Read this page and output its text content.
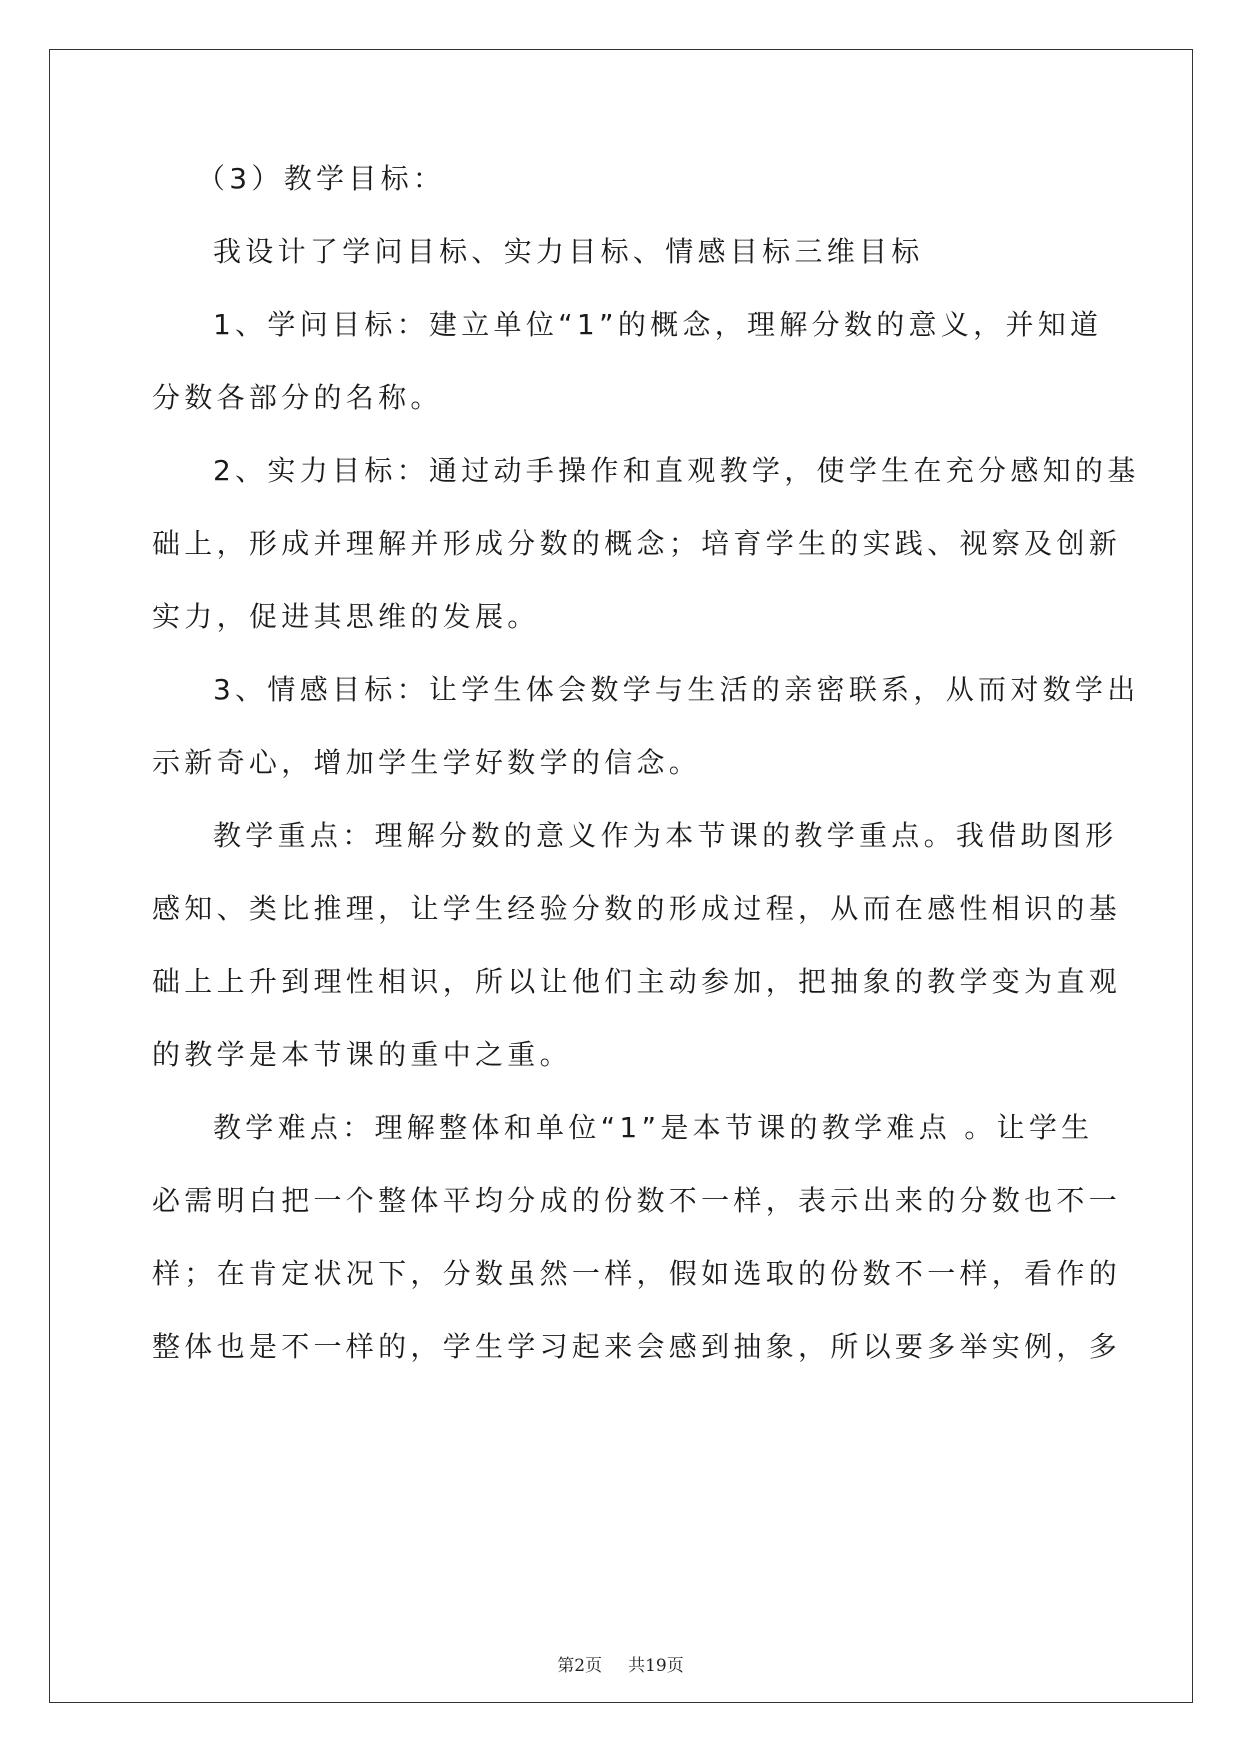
（3）教学目标：
我设计了学问目标、实力目标、情感目标三维目标
1、学问目标：建立单位“1”的概念，理解分数的意义，并知道
分数各部分的名称。
2、实力目标：通过动手操作和直观教学，使学生在充分感知的基
础上，形成并理解并形成分数的概念；培育学生的实践、视察及创新
实力，促进其思维的发展。
3、情感目标：让学生体会数学与生活的亲密联系，从而对数学出
示新奇心，增加学生学好数学的信念。
教学重点：理解分数的意义作为本节课的教学重点。我借助图形
感知、类比推理，让学生经验分数的形成过程，从而在感性相识的基
础上上升到理性相识，所以让他们主动参加，把抽象的教学变为直观
的教学是本节课的重中之重。
教学难点：理解整体和单位“1”是本节课的教学难点 。让学生
必需明白把一个整体平均分成的份数不一样，表示出来的分数也不一
样；在肯定状况下，分数虽然一样，假如选取的份数不一样，看作的
整体也是不一样的，学生学习起来会感到抽象，所以要多举实例，多
第2页 共19页
